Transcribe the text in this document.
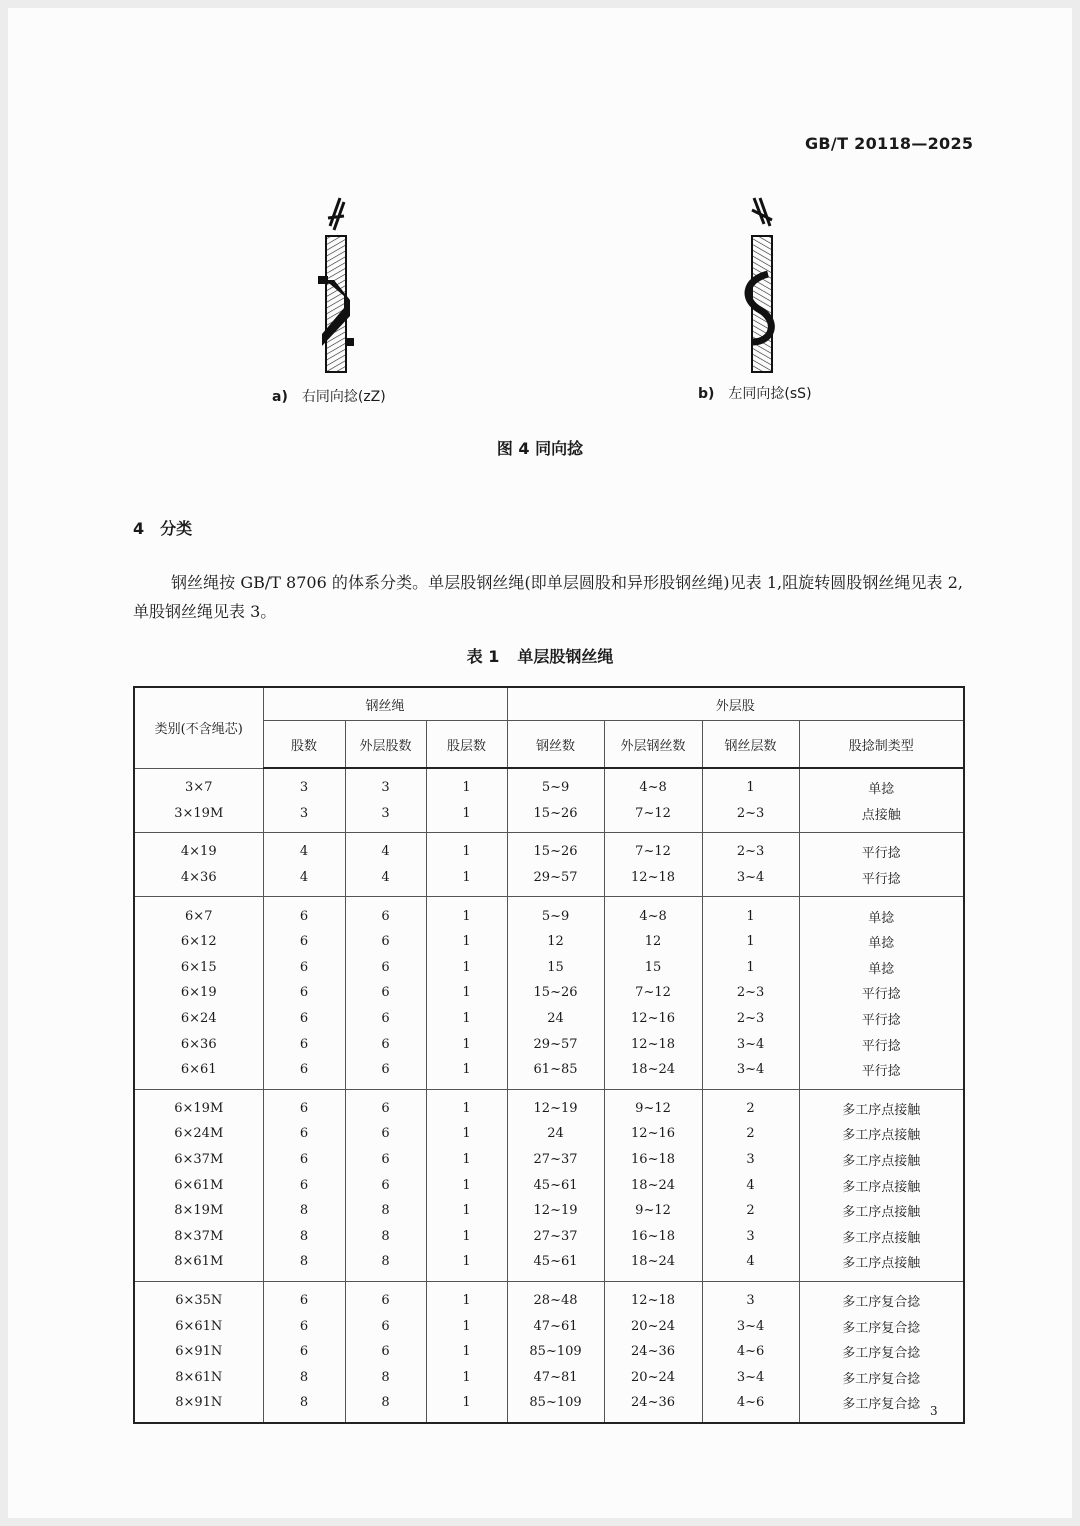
GB/T 20118—2025
a) 右同向捻(zZ)	b) 左同向捻(sS)
图 4 同向捻
4 分类
钢丝绳按 GB/T 8706 的体系分类。单层股钢丝绳(即单层圆股和异形股钢丝绳)见表 1,阻旋转圆股钢丝绳见表 2,单股钢丝绳见表 3。
表 1 单层股钢丝绳
类别(不含绳芯)	钢丝绳			外层股			
	股数	外层股数	股层数	钢丝数	外层钢丝数	钢丝层数	股捻制类型
3×7	3	3	1	5~9	4~8	1	单捻
3×19M	3	3	1	15~26	7~12	2~3	点接触
4×19	4	4	1	15~26	7~12	2~3	平行捻
4×36	4	4	1	29~57	12~18	3~4	平行捻
6×7	6	6	1	5~9	4~8	1	单捻
6×12	6	6	1	12	12	1	单捻
6×15	6	6	1	15	15	1	单捻
6×19	6	6	1	15~26	7~12	2~3	平行捻
6×24	6	6	1	24	12~16	2~3	平行捻
6×36	6	6	1	29~57	12~18	3~4	平行捻
6×61	6	6	1	61~85	18~24	3~4	平行捻
6×19M	6	6	1	12~19	9~12	2	多工序点接触
6×24M	6	6	1	24	12~16	2	多工序点接触
6×37M	6	6	1	27~37	16~18	3	多工序点接触
6×61M	6	6	1	45~61	18~24	4	多工序点接触
8×19M	8	8	1	12~19	9~12	2	多工序点接触
8×37M	8	8	1	27~37	16~18	3	多工序点接触
8×61M	8	8	1	45~61	18~24	4	多工序点接触
6×35N	6	6	1	28~48	12~18	3	多工序复合捻
6×61N	6	6	1	47~61	20~24	3~4	多工序复合捻
6×91N	6	6	1	85~109	24~36	4~6	多工序复合捻
8×61N	8	8	1	47~81	20~24	3~4	多工序复合捻
8×91N	8	8	1	85~109	24~36	4~6	多工序复合捻 3
